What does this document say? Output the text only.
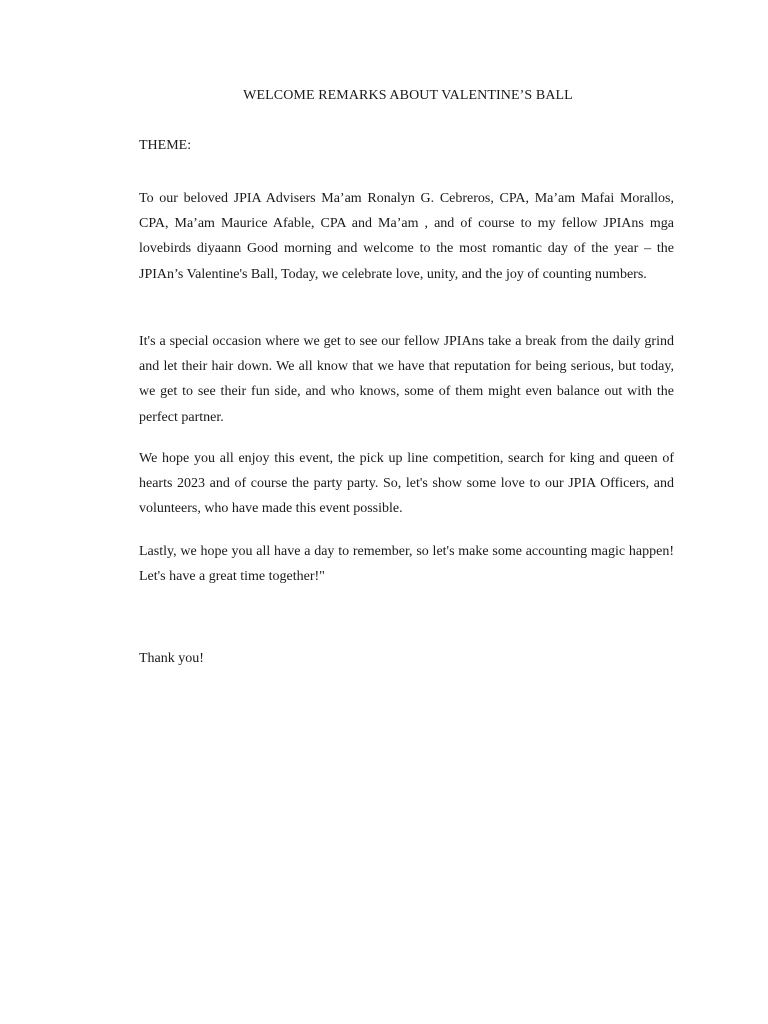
WELCOME REMARKS ABOUT VALENTINE’S BALL

THEME:

To our beloved JPIA Advisers Ma’am Ronalyn G. Cebreros, CPA, Ma’am Mafai Morallos, CPA, Ma’am Maurice Afable, CPA and Ma’am , and of course to my fellow JPIAns mga lovebirds diyaann Good morning and welcome to the most romantic day of the year – the JPIAn’s Valentine's Ball, Today, we celebrate love, unity, and the joy of counting numbers.

It's a special occasion where we get to see our fellow JPIAns take a break from the daily grind and let their hair down. We all know that we have that reputation for being serious, but today, we get to see their fun side, and who knows, some of them might even balance out with the perfect partner.

We hope you all enjoy this event, the pick up line competition, search for king and queen of hearts 2023 and of course the party party. So, let's show some love to our JPIA Officers, and volunteers, who have made this event possible.

Lastly, we hope you all have a day to remember, so let's make some accounting magic happen! Let's have a great time together!"

Thank you!
